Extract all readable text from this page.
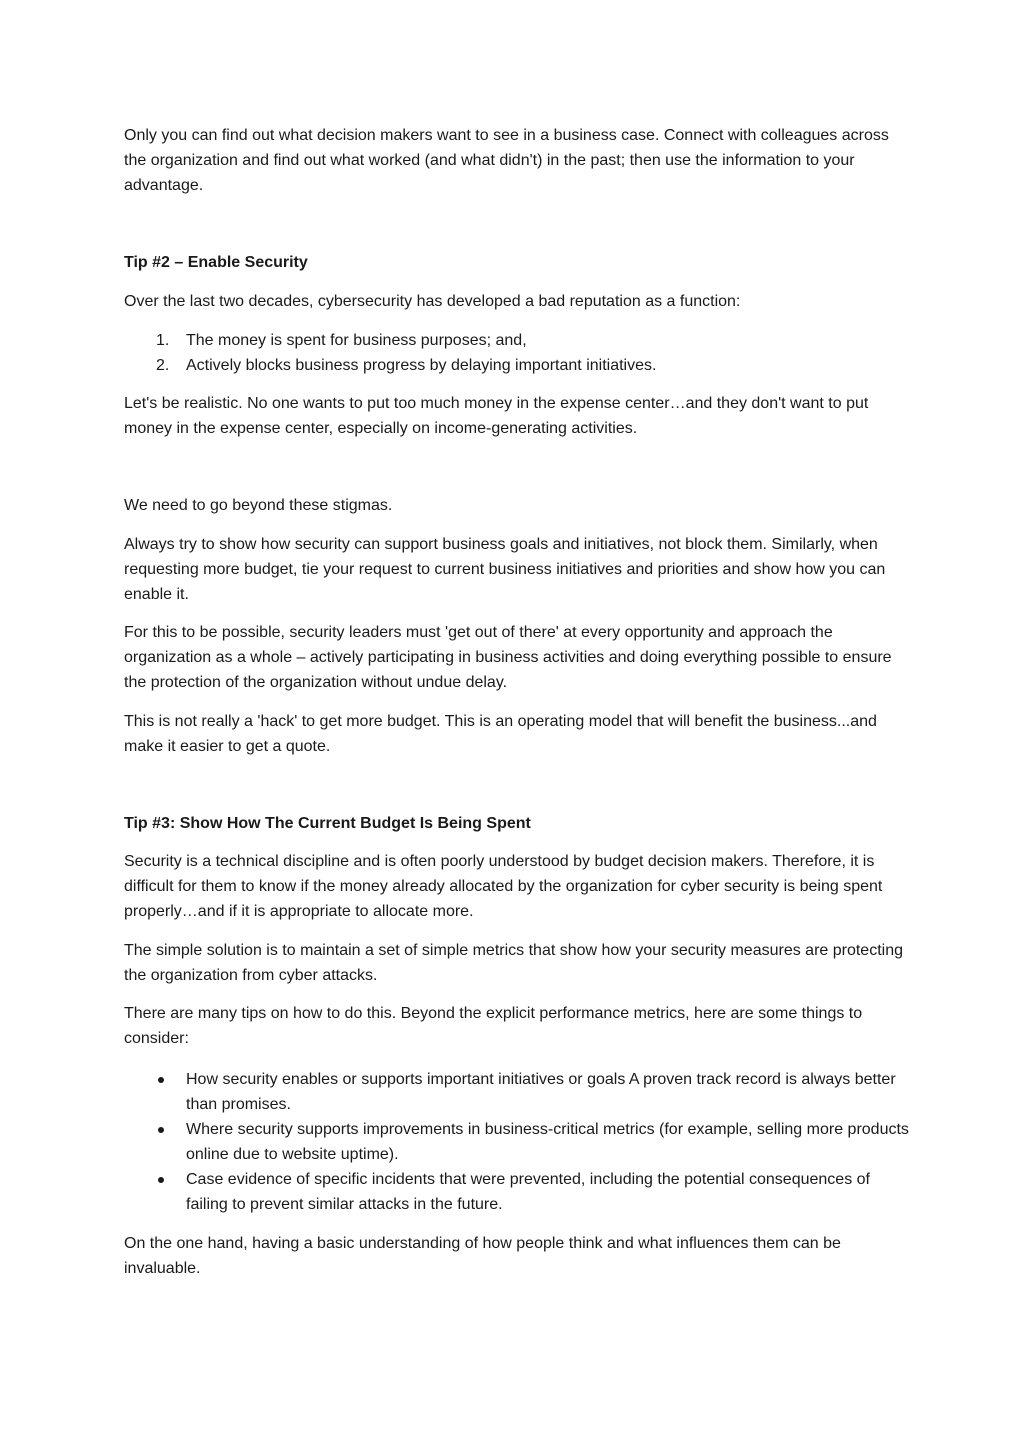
Only you can find out what decision makers want to see in a business case. Connect with colleagues across the organization and find out what worked (and what didn't) in the past; then use the information to your advantage.

Tip #2 – Enable Security

Over the last two decades, cybersecurity has developed a bad reputation as a function:

1. The money is spent for business purposes; and,
2. Actively blocks business progress by delaying important initiatives.

Let's be realistic. No one wants to put too much money in the expense center…and they don't want to put money in the expense center, especially on income-generating activities.

We need to go beyond these stigmas.

Always try to show how security can support business goals and initiatives, not block them. Similarly, when requesting more budget, tie your request to current business initiatives and priorities and show how you can enable it.

For this to be possible, security leaders must 'get out of there' at every opportunity and approach the organization as a whole – actively participating in business activities and doing everything possible to ensure the protection of the organization without undue delay.

This is not really a 'hack' to get more budget. This is an operating model that will benefit the business...and make it easier to get a quote.

Tip #3: Show How The Current Budget Is Being Spent

Security is a technical discipline and is often poorly understood by budget decision makers. Therefore, it is difficult for them to know if the money already allocated by the organization for cyber security is being spent properly…and if it is appropriate to allocate more.

The simple solution is to maintain a set of simple metrics that show how your security measures are protecting the organization from cyber attacks.

There are many tips on how to do this. Beyond the explicit performance metrics, here are some things to consider:

How security enables or supports important initiatives or goals A proven track record is always better than promises.
Where security supports improvements in business-critical metrics (for example, selling more products online due to website uptime).
Case evidence of specific incidents that were prevented, including the potential consequences of failing to prevent similar attacks in the future.

On the one hand, having a basic understanding of how people think and what influences them can be invaluable.
